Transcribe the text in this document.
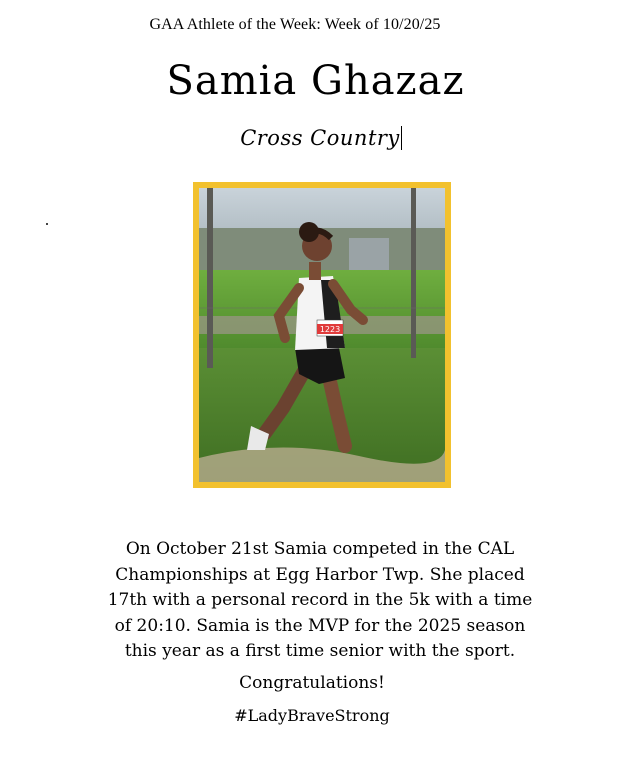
GAA Athlete of the Week: Week of 10/20/25
Samia Ghazaz
Cross Country
1223
On October 21st Samia competed in the CAL
Championships at Egg Harbor Twp. She placed
17th with a personal record in the 5k with a time
of 20:10. Samia is the MVP for the 2025 season
this year as a first time senior with the sport.
Congratulations!
#LadyBraveStrong
